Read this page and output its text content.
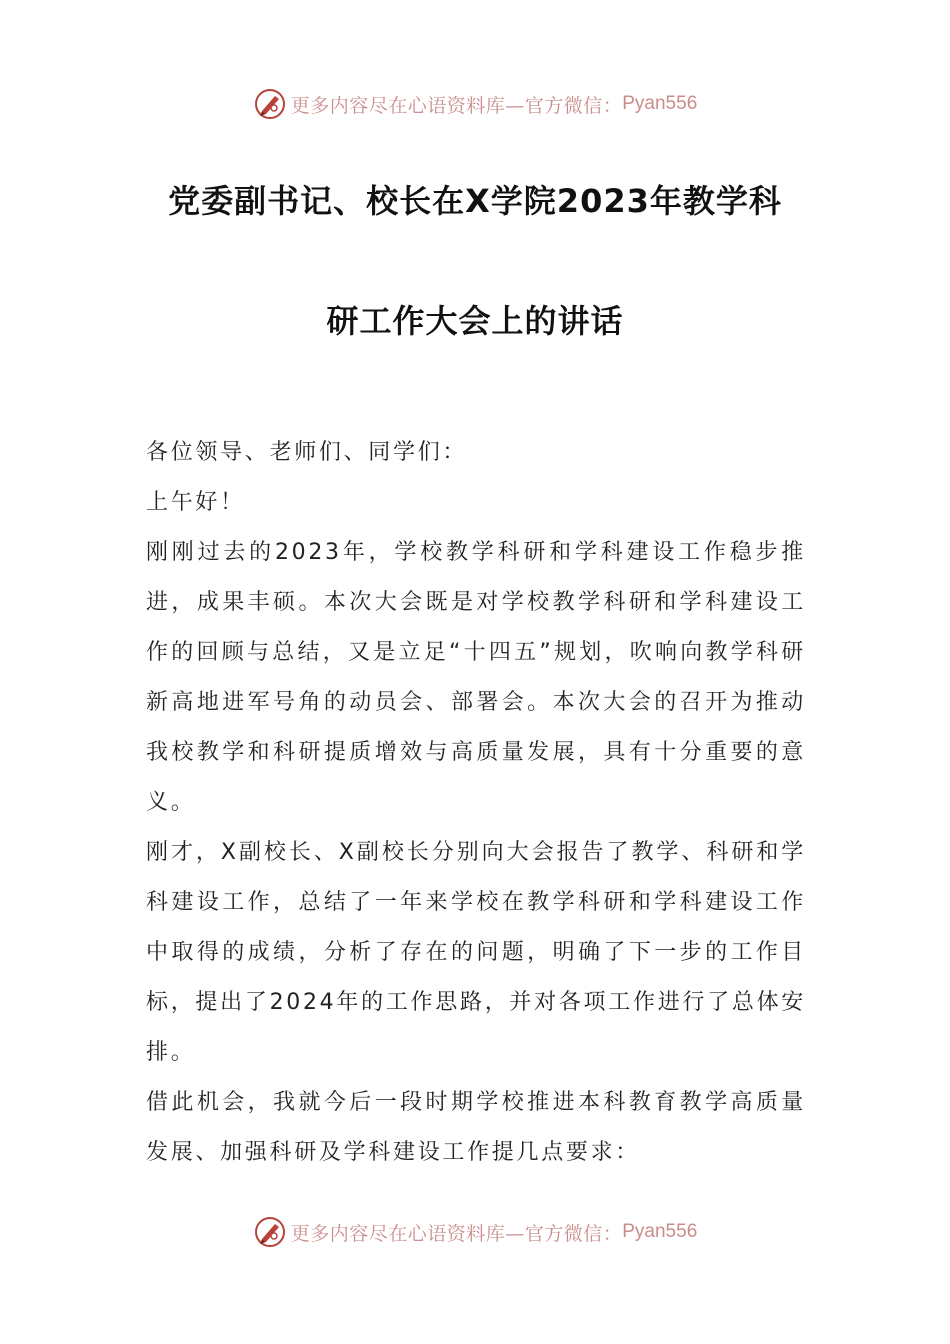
更多内容尽在心语资料库—官方微信： Pyan556
党委副书记、校长在X学院2023年教学科
研工作大会上的讲话

各位领导、老师们、同学们：

上午好！

刚刚过去的2023年，学校教学科研和学科建设工作稳步推进，成果丰硕。本次大会既是对学校教学科研和学科建设工作的回顾与总结，又是立足“十四五”规划，吹响向教学科研新高地进军号角的动员会、部署会。本次大会的召开为推动我校教学和科研提质增效与高质量发展，具有十分重要的意义。

刚才，X副校长、X副校长分别向大会报告了教学、科研和学科建设工作，总结了一年来学校在教学科研和学科建设工作中取得的成绩，分析了存在的问题，明确了下一步的工作目标，提出了2024年的工作思路，并对各项工作进行了总体安排。

借此机会，我就今后一段时期学校推进本科教育教学高质量发展、加强科研及学科建设工作提几点要求：

更多内容尽在心语资料库—官方微信： Pyan556
